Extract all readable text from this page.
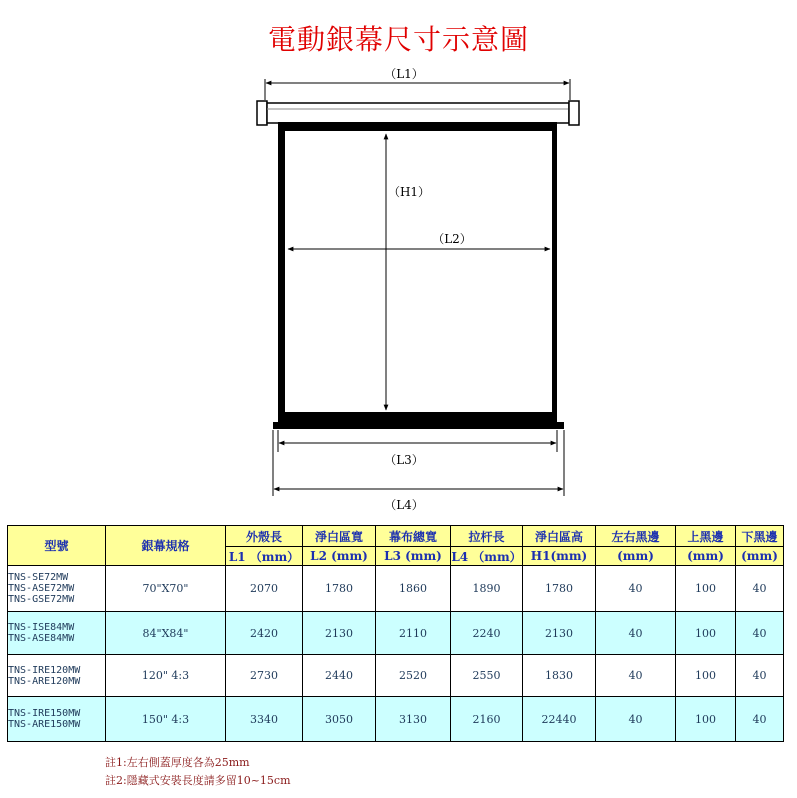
電動銀幕尺寸示意圖
（L1）
（H1）
（L2）
（L3）
（L4）
型號	銀幕規格	外殼長	淨白區寬	幕布總寬	拉杆長	淨白區高	左右黑邊	上黑邊	下黑邊
		L1 （mm）	L2 (mm)	L3 (mm)	L4 （mm）	H1(mm)	(mm)	(mm)	(mm)

TNS-SE72MW
TNS-ASE72MW
TNS-GSE72MW	70"X70"	2070	1780	1860	1890	1780	40	100	40

TNS-ISE84MW
TNS-ASE84MW	84"X84"	2420	2130	2110	2240	2130	40	100	40

TNS-IRE120MW
TNS-ARE120MW	120" 4:3	2730	2440	2520	2550	1830	40	100	40

TNS-IRE150MW
TNS-ARE150MW	150" 4:3	3340	3050	3130	2160	22440	40	100	40
註1:左右側蓋厚度各為25mm
註2:隱藏式安裝長度請多留10~15cm
